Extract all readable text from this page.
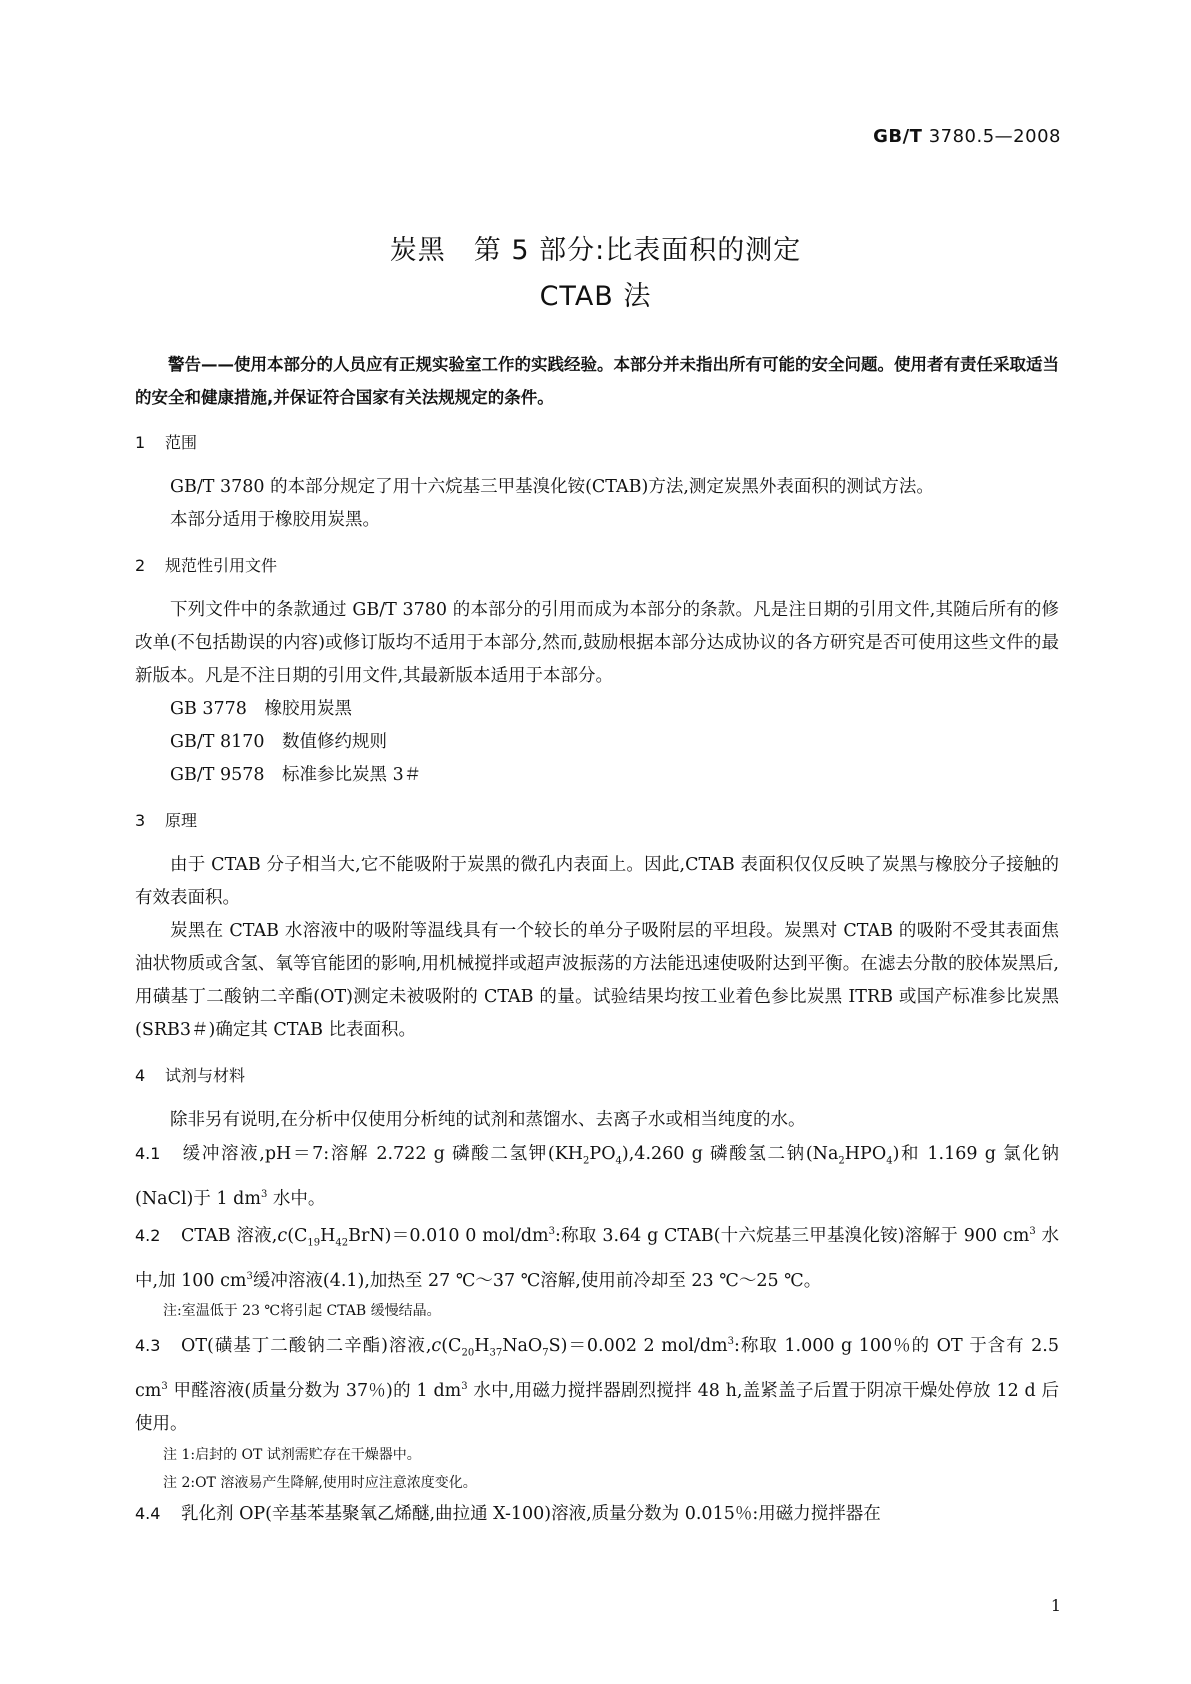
GB/T 3780.5—2008
炭黑　第 5 部分:比表面积的测定
CTAB 法

警告——使用本部分的人员应有正规实验室工作的实践经验。本部分并未指出所有可能的安全问题。使用者有责任采取适当的安全和健康措施,并保证符合国家有关法规规定的条件。

1 范围

GB/T 3780 的本部分规定了用十六烷基三甲基溴化铵(CTAB)方法,测定炭黑外表面积的测试方法。

本部分适用于橡胶用炭黑。

2 规范性引用文件

下列文件中的条款通过 GB/T 3780 的本部分的引用而成为本部分的条款。凡是注日期的引用文件,其随后所有的修改单(不包括勘误的内容)或修订版均不适用于本部分,然而,鼓励根据本部分达成协议的各方研究是否可使用这些文件的最新版本。凡是不注日期的引用文件,其最新版本适用于本部分。

GB 3778　橡胶用炭黑

GB/T 8170　数值修约规则

GB/T 9578　标准参比炭黑 3＃

3 原理

由于 CTAB 分子相当大,它不能吸附于炭黑的微孔内表面上。因此,CTAB 表面积仅仅反映了炭黑与橡胶分子接触的有效表面积。

炭黑在 CTAB 水溶液中的吸附等温线具有一个较长的单分子吸附层的平坦段。炭黑对 CTAB 的吸附不受其表面焦油状物质或含氢、氧等官能团的影响,用机械搅拌或超声波振荡的方法能迅速使吸附达到平衡。在滤去分散的胶体炭黑后,用磺基丁二酸钠二辛酯(OT)测定未被吸附的 CTAB 的量。试验结果均按工业着色参比炭黑 ITRB 或国产标准参比炭黑(SRB3＃)确定其 CTAB 比表面积。

4 试剂与材料

除非另有说明,在分析中仅使用分析纯的试剂和蒸馏水、去离子水或相当纯度的水。

4.1 缓冲溶液,pH＝7:溶解 2.722 g 磷酸二氢钾$(KH_2PO_4),4.260$ g 磷酸氢二钠$(Na_2HPO_4)$和 1.169 g 氯化钠(NaCl)于 1 $dm^3$ 水中。

4.2 CTAB 溶液$,c(C_{19}H_{42}BrN)=0.010$ 0 mol/$dm^3$:称取 3.64 g CTAB(十六烷基三甲基溴化铵)溶解于 900 $cm^3$ 水中,加 100 $cm^3$缓冲溶液(4.1),加热至 27 ℃～37 ℃溶解,使用前冷却至 23 ℃～25 ℃。

注:室温低于 23 ℃将引起 CTAB 缓慢结晶。

4.3 OT(磺基丁二酸钠二辛酯)溶液$,c(C_{20}H_{37}NaO_7S)=0.002$ 2 mol/$dm^3$:称取 1.000 g 100％的 OT 于含有 2.5 $cm^3$ 甲醛溶液(质量分数为 37％)的 1 $dm^3$ 水中,用磁力搅拌器剧烈搅拌 48 h,盖紧盖子后置于阴凉干燥处停放 12 d 后使用。

注 1:启封的 OT 试剂需贮存在干燥器中。

注 2:OT 溶液易产生降解,使用时应注意浓度变化。

4.4 乳化剂 OP(辛基苯基聚氧乙烯醚,曲拉通 X-100)溶液,质量分数为 0.015％:用磁力搅拌器在

1
